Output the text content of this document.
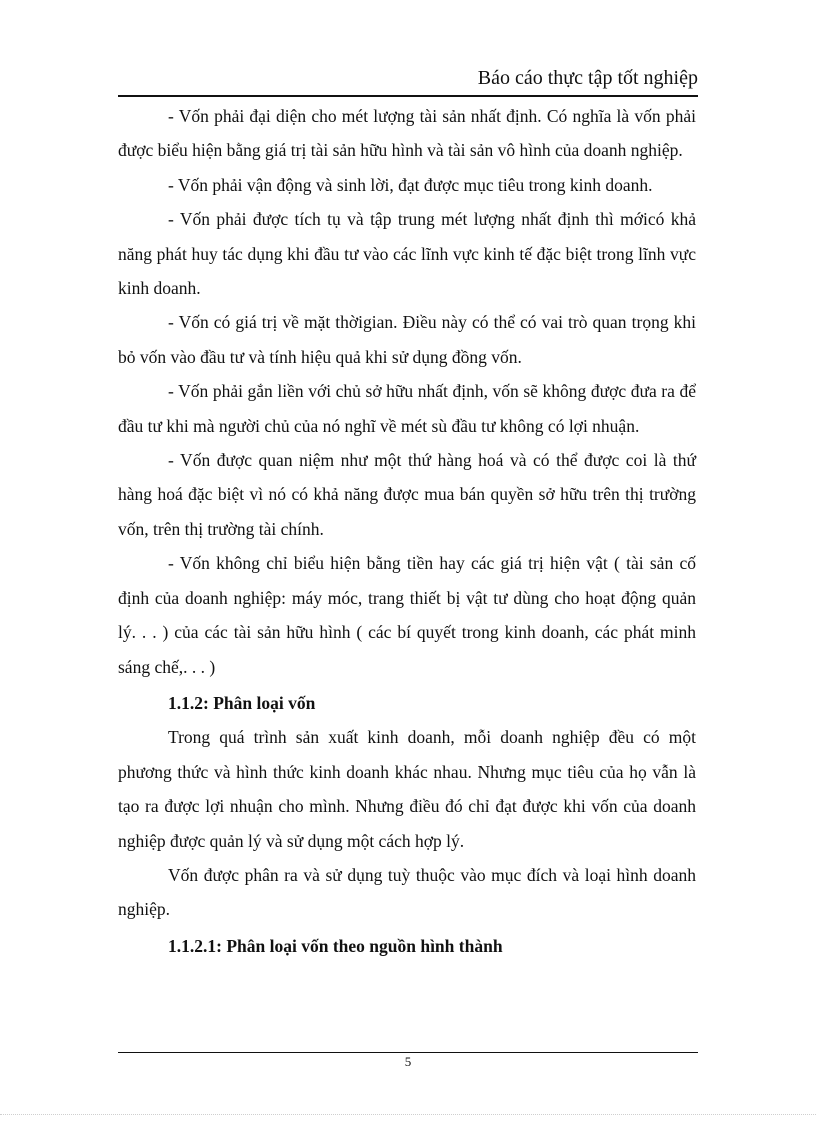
Báo cáo thực tập tốt nghiệp

- Vốn phải đại diện cho mét lượng tài sản nhất định. Có nghĩa là vốn phải được biểu hiện bằng giá trị tài sản hữu hình và tài sản vô hình của doanh nghiệp.

- Vốn phải vận động và sinh lời, đạt được mục tiêu trong kinh doanh.

- Vốn phải được tích tụ và tập trung mét lượng nhất định thì mớicó khả năng phát huy tác dụng khi đầu tư vào các lĩnh vực kinh tế đặc biệt trong lĩnh vực kinh doanh.

- Vốn có giá trị về mặt thờigian. Điều này có thể có vai trò quan trọng khi bỏ vốn vào đầu tư và tính hiệu quả khi sử dụng đồng vốn.

- Vốn phải gắn liền với chủ sở hữu nhất định, vốn sẽ không được đưa ra để đầu tư khi mà người chủ của nó nghĩ về mét sù đầu tư không có lợi nhuận.

- Vốn được quan niệm như một thứ hàng hoá và có thể được coi là thứ hàng hoá đặc biệt vì nó có khả năng được mua bán quyền sở hữu trên thị trường vốn, trên thị trường tài chính.

- Vốn không chỉ biểu hiện bằng tiền hay các giá trị hiện vật ( tài sản cố định của doanh nghiệp: máy móc, trang thiết bị vật tư dùng cho hoạt động quản lý. . . ) của các tài sản hữu hình ( các bí quyết trong kinh doanh, các phát minh sáng chế,. . . )

1.1.2: Phân loại vốn

Trong quá trình sản xuất kinh doanh, mỗi doanh nghiệp đều có một phương thức và hình thức kinh doanh khác nhau. Nhưng mục tiêu của họ vẫn là tạo ra được lợi nhuận cho mình. Nhưng điều đó chỉ đạt được khi vốn của doanh nghiệp được quản lý và sử dụng một cách hợp lý.

Vốn được phân ra và sử dụng tuỳ thuộc vào mục đích và loại hình doanh nghiệp.

1.1.2.1: Phân loại vốn theo nguồn hình thành

5
